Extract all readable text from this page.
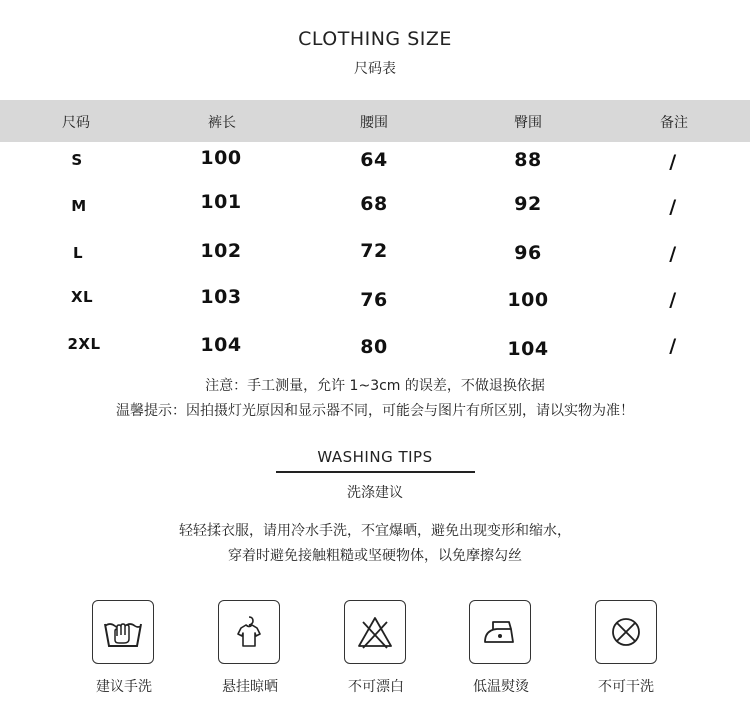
CLOTHING SIZE
尺码表
尺码	裤长	腰围	臀围	备注
S	100	64	88	/
M	101	68	92	/
L	102	72	96	/
XL	103	76	100	/
2XL	104	80	104	/
注意：手工测量，允许 1~3cm 的误差，不做退换依据
温馨提示：因拍摄灯光原因和显示器不同，可能会与图片有所区别，请以实物为准！
WASHING TIPS
洗涤建议
轻轻揉衣服，请用冷水手洗，不宜爆晒，避免出现变形和缩水，
穿着时避免接触粗糙或坚硬物体，以免摩擦勾丝
建议手洗	悬挂晾晒	不可漂白	低温熨烫	不可干洗
